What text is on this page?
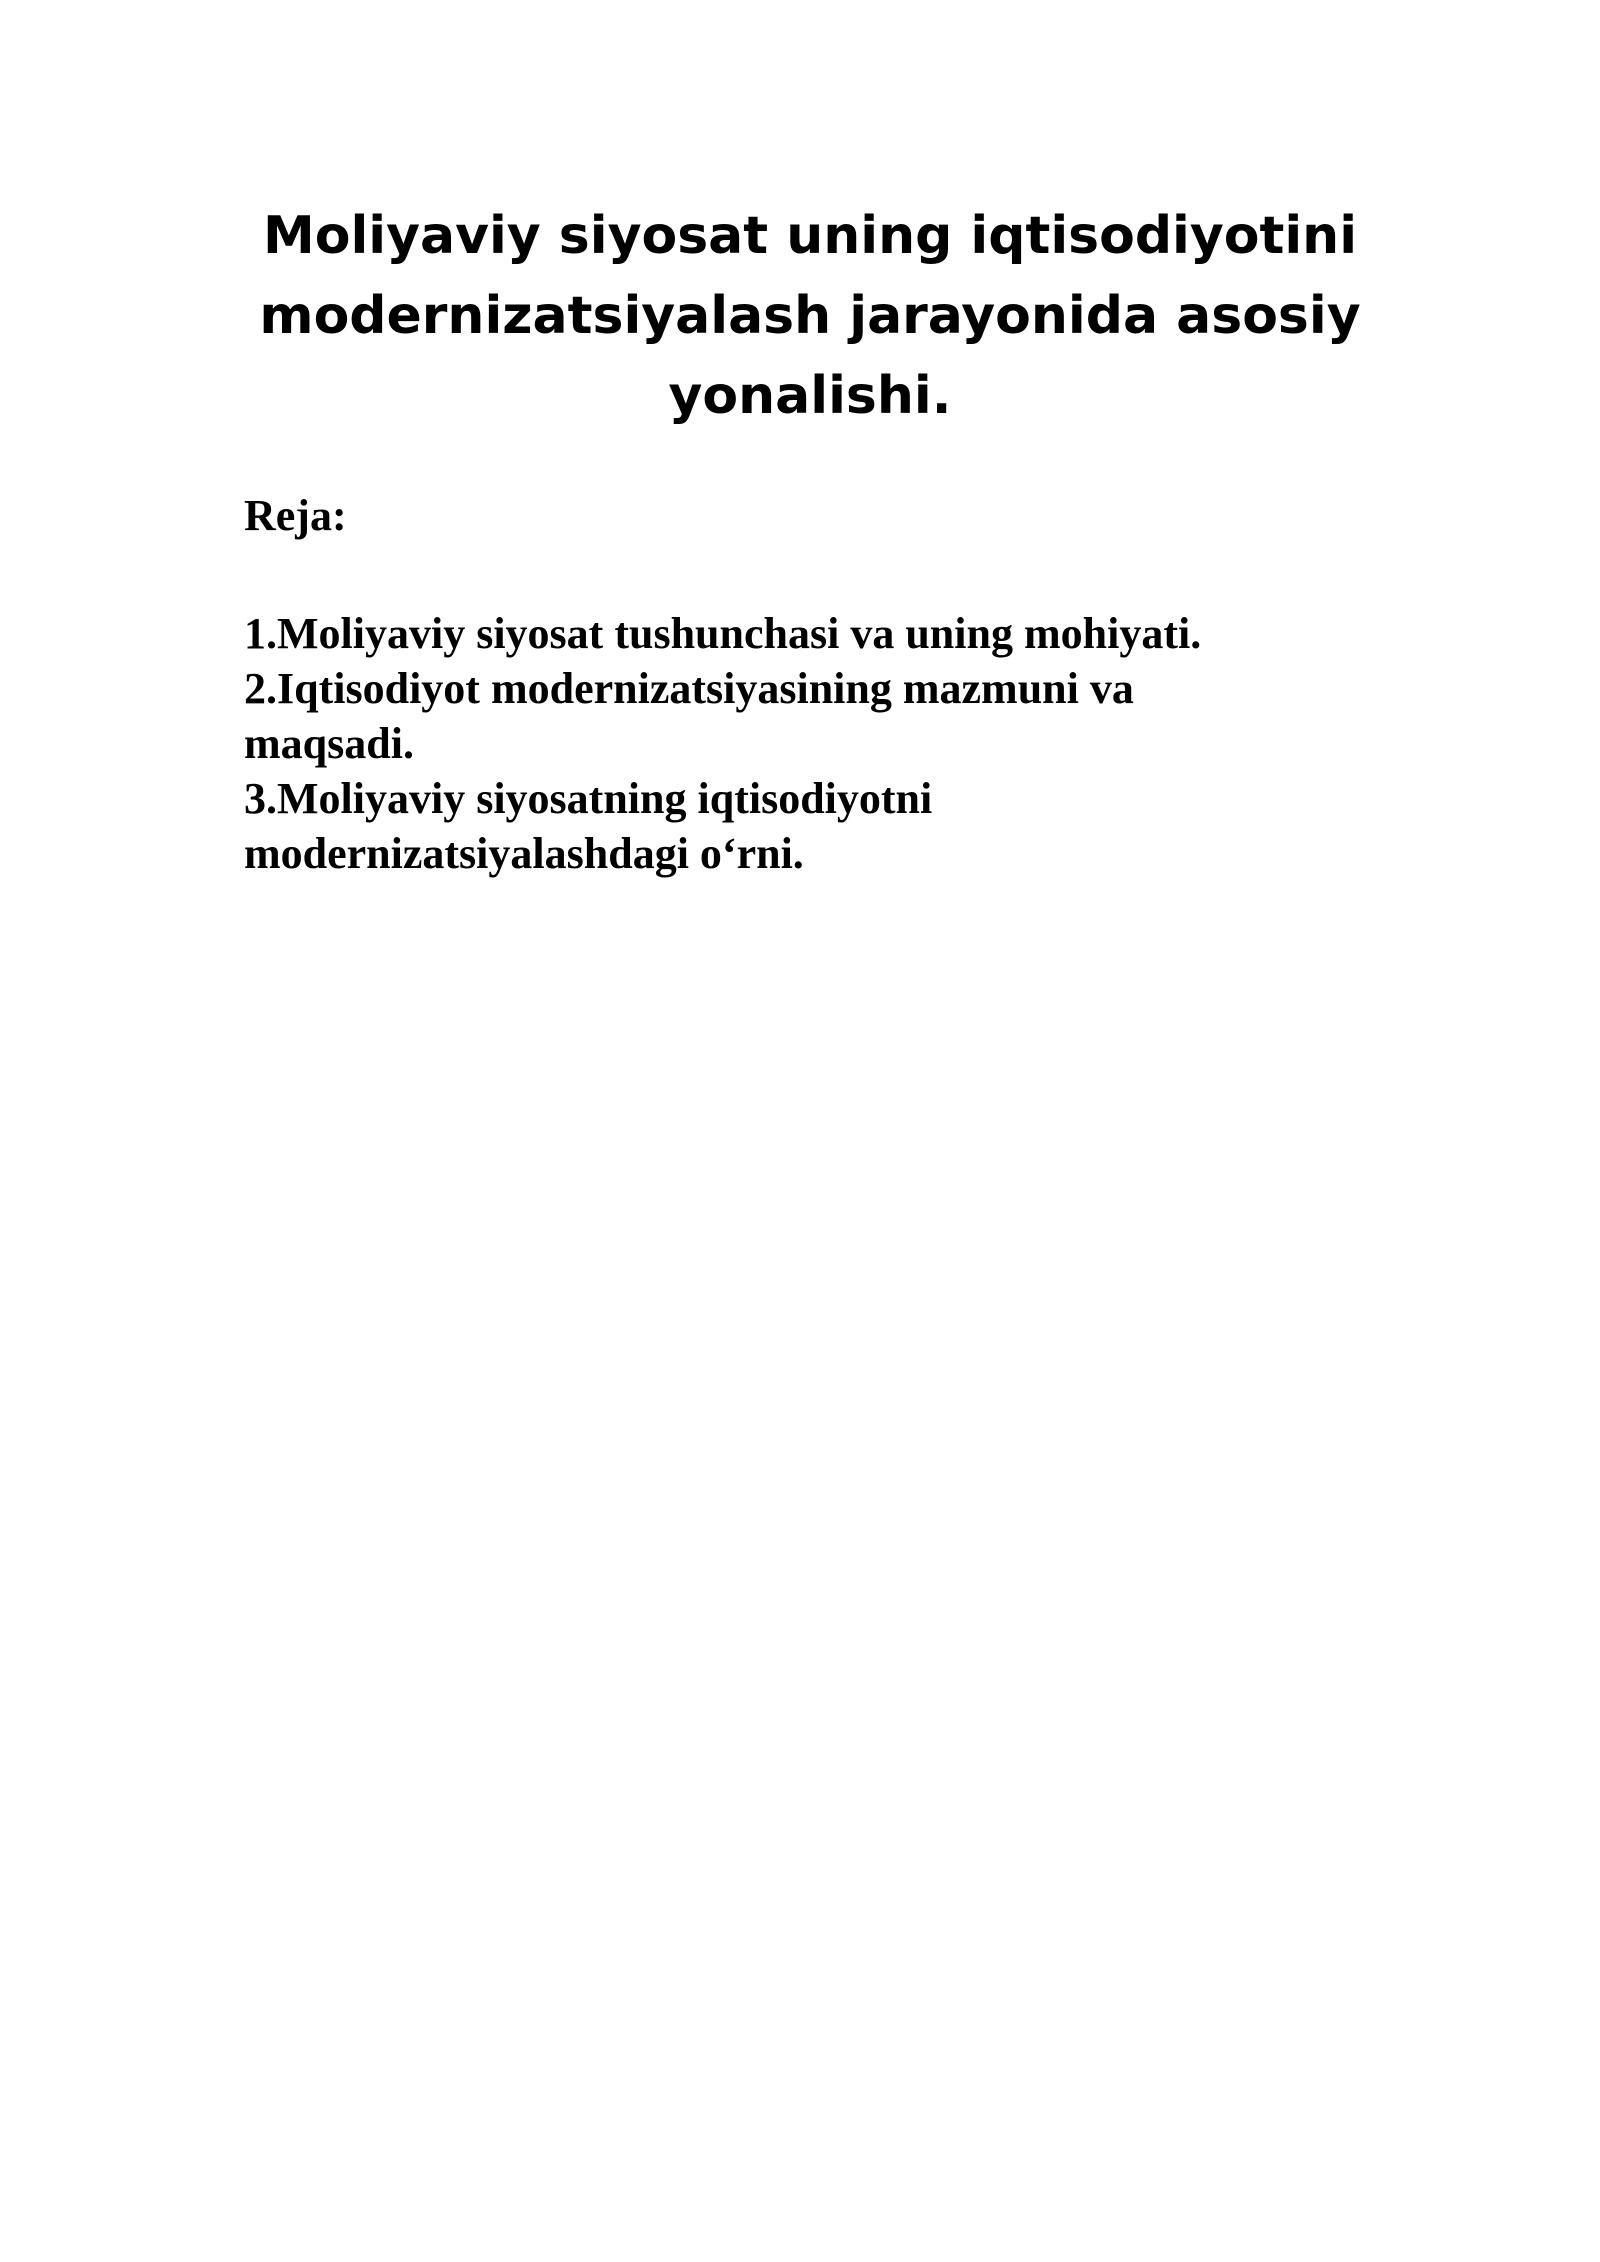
Moliyaviy siyosat uning iqtisodiyotini
modernizatsiyalash jarayonida asosiy
yonalishi.

Reja:

1.Moliyaviy siyosat tushunchasi va uning mohiyati.
2.Iqtisodiyot modernizatsiyasining mazmuni va
maqsadi.
3.Moliyaviy siyosatning iqtisodiyotni
modernizatsiyalashdagi o‘rni.
